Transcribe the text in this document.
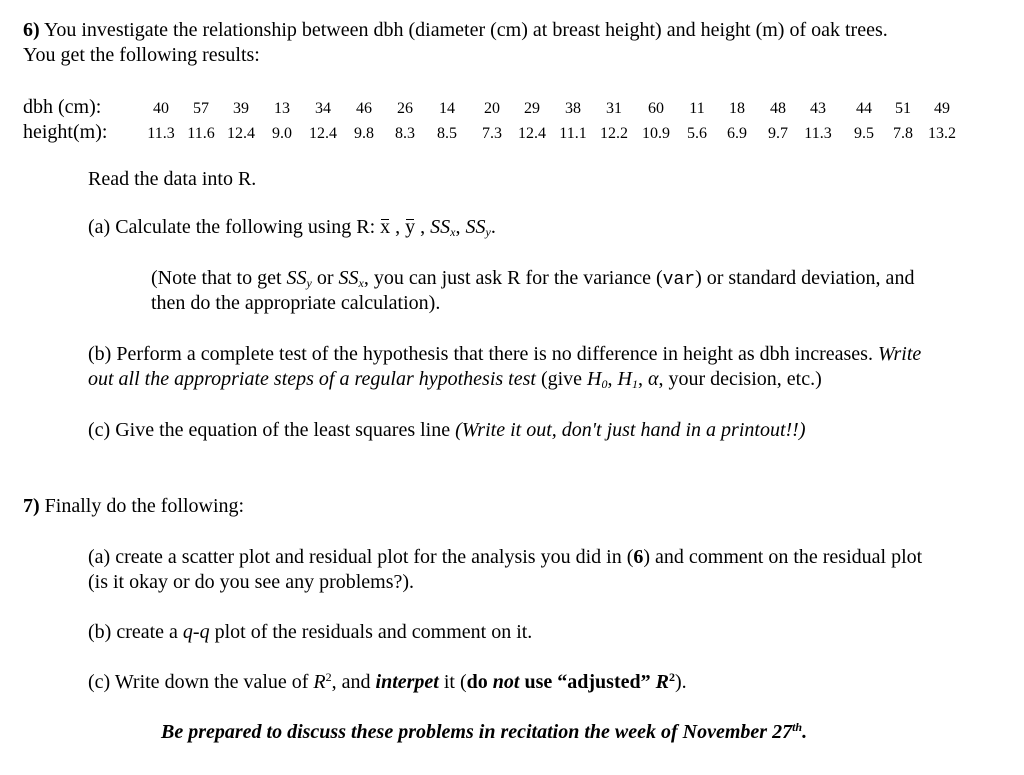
6) You investigate the relationship between dbh (diameter (cm) at breast height) and height (m) of oak trees.
You get the following results:
dbh (cm):
height(m):
40	57	39	13	34	46	26	14	20	29	38	31	60	11	18	48	43	44	51	49
11.3 11.6 12.4	9.0	12.4	9.8	8.3	8.5	7.3	12.4 11.1 12.2 10.9	5.6	6.9	9.7	11.3	9.5	7.8 13.2
Read the data into R.
(a) Calculate the following using R: x , y , $SS_x$, $SS_y$.
(Note that to get $SS_y$ or $SS_x$, you can just ask R for the variance (var) or standard deviation, and
then do the appropriate calculation).
(b) Perform a complete test of the hypothesis that there is no difference in height as dbh increases. Write
out all the appropriate steps of a regular hypothesis test (give $H_0$, $H_1$, α, your decision, etc.)
(c) Give the equation of the least squares line (Write it out, don't just hand in a printout!!)
7) Finally do the following:
(a) create a scatter plot and residual plot for the analysis you did in (6) and comment on the residual plot
(is it okay or do you see any problems?).
(b) create a q-q plot of the residuals and comment on it.
(c) Write down the value of $R^2$, and interpet it (do not use “adjusted” $R^2$).
Be prepared to discuss these problems in recitation the week of November 27th.
